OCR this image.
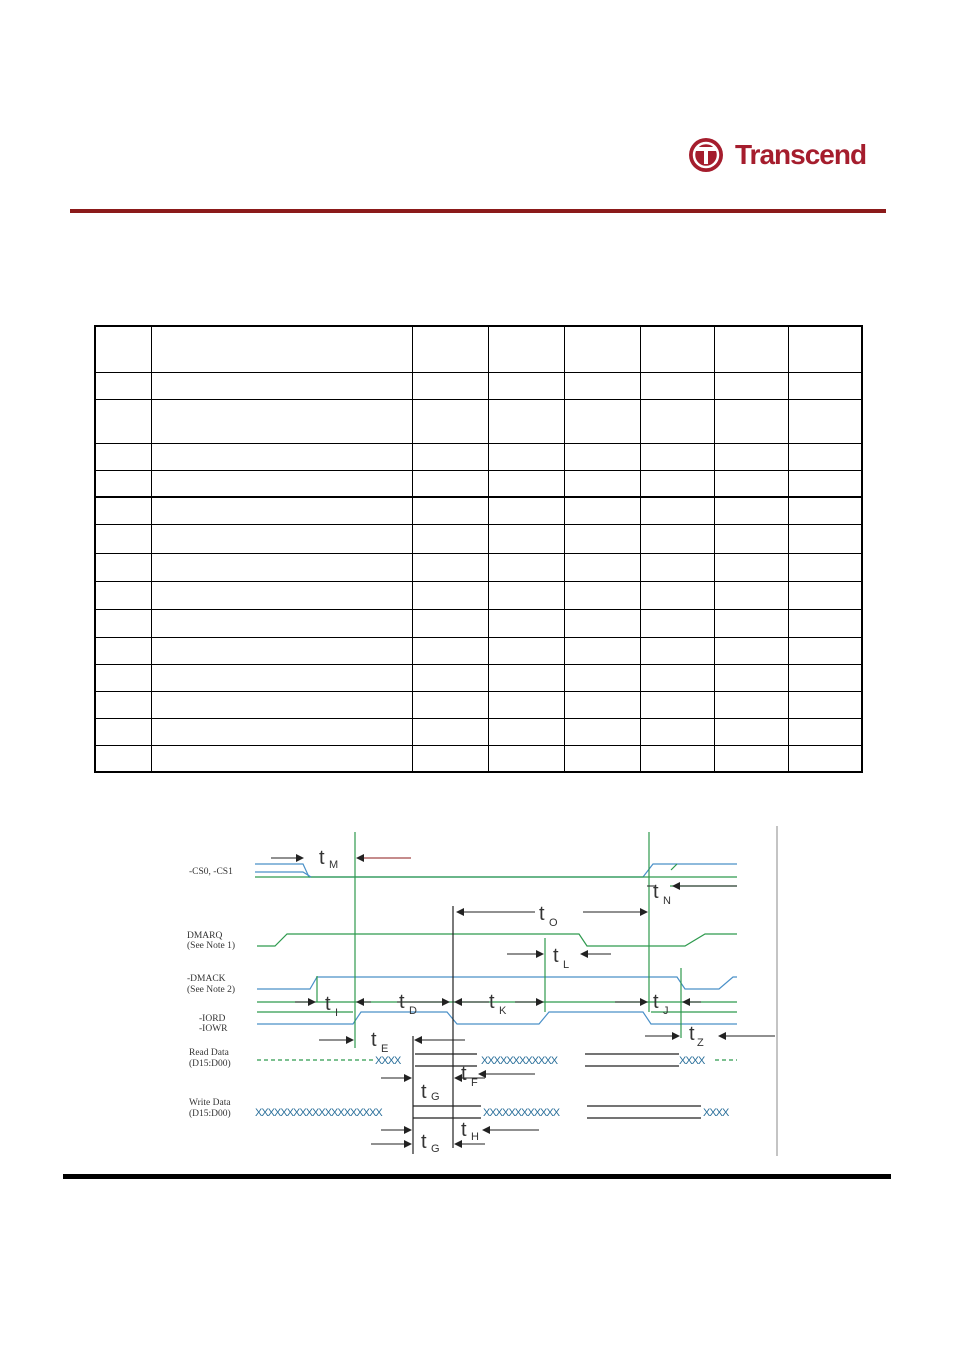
Transcend

-CS0, -CS1
DMARQ
(See Note 1)
-DMACK
(See Note 2)
-IORD
-IOWR
Read Data
(D15:D00)
Write Data
(D15:D00)
XXXX	XXXXXXXXXXXX	XXXX
XXXXXXXXXXXXXXXXXXXX	XXXXXXXXXXXX	XXXX
t M
t N
t O
t L
t I	t D	t K	t J
t Z
t E
t F
t G
t H
t G
